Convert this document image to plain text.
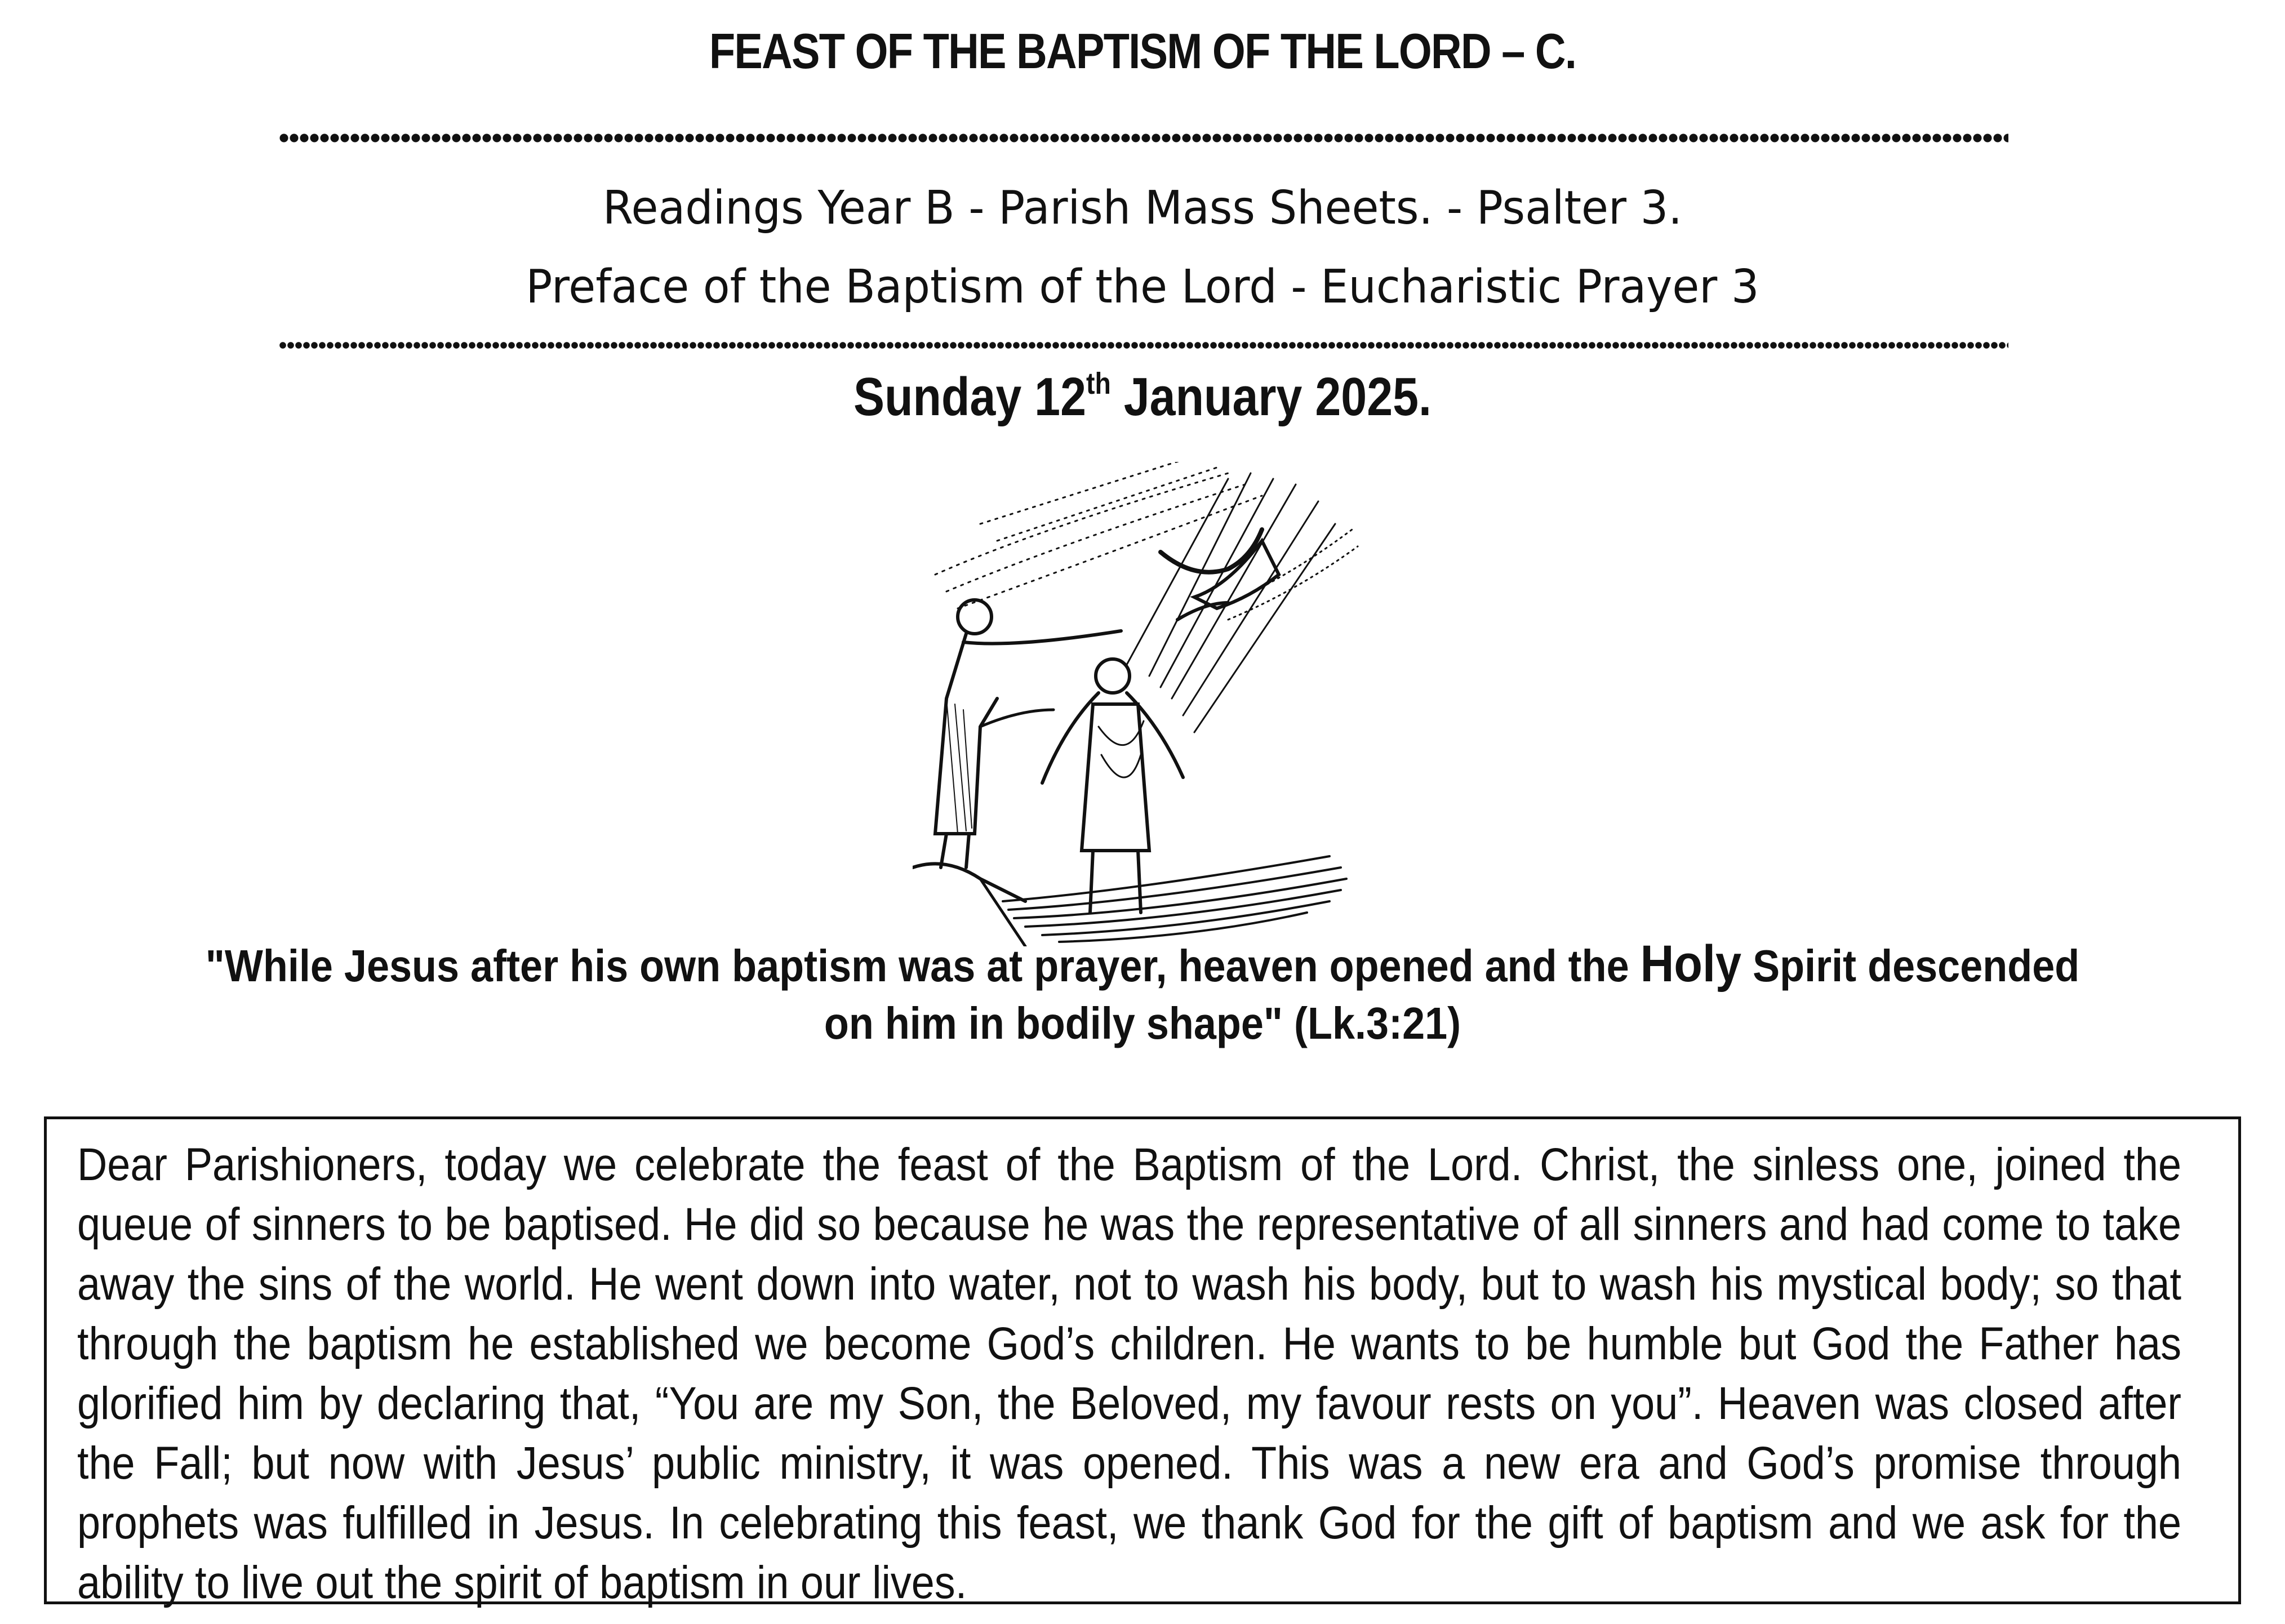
FEAST OF THE BAPTISM OF THE LORD – C.
Readings Year B - Parish Mass Sheets. - Psalter 3.
Preface of the Baptism of the Lord - Eucharistic Prayer 3
Sunday 12th January 2025.
"While Jesus after his own baptism was at prayer, heaven opened and the Holy Spirit descended on him in bodily shape" (Lk.3:21)

Dear Parishioners, today we celebrate the feast of the Baptism of the Lord. Christ, the sinless one, joined the queue of sinners to be baptised. He did so because he was the representative of all sinners and had come to take away the sins of the world. He went down into water, not to wash his body, but to wash his mystical body; so that through the baptism he established we become God’s children. He wants to be humble but God the Father has glorified him by declaring that, “You are my Son, the Beloved, my favour rests on you”. Heaven was closed after the Fall; but now with Jesus’ public ministry, it was opened. This was a new era and God’s promise through prophets was fulfilled in Jesus. In celebrating this feast, we thank God for the gift of baptism and we ask for the ability to live out the spirit of baptism in our lives.
